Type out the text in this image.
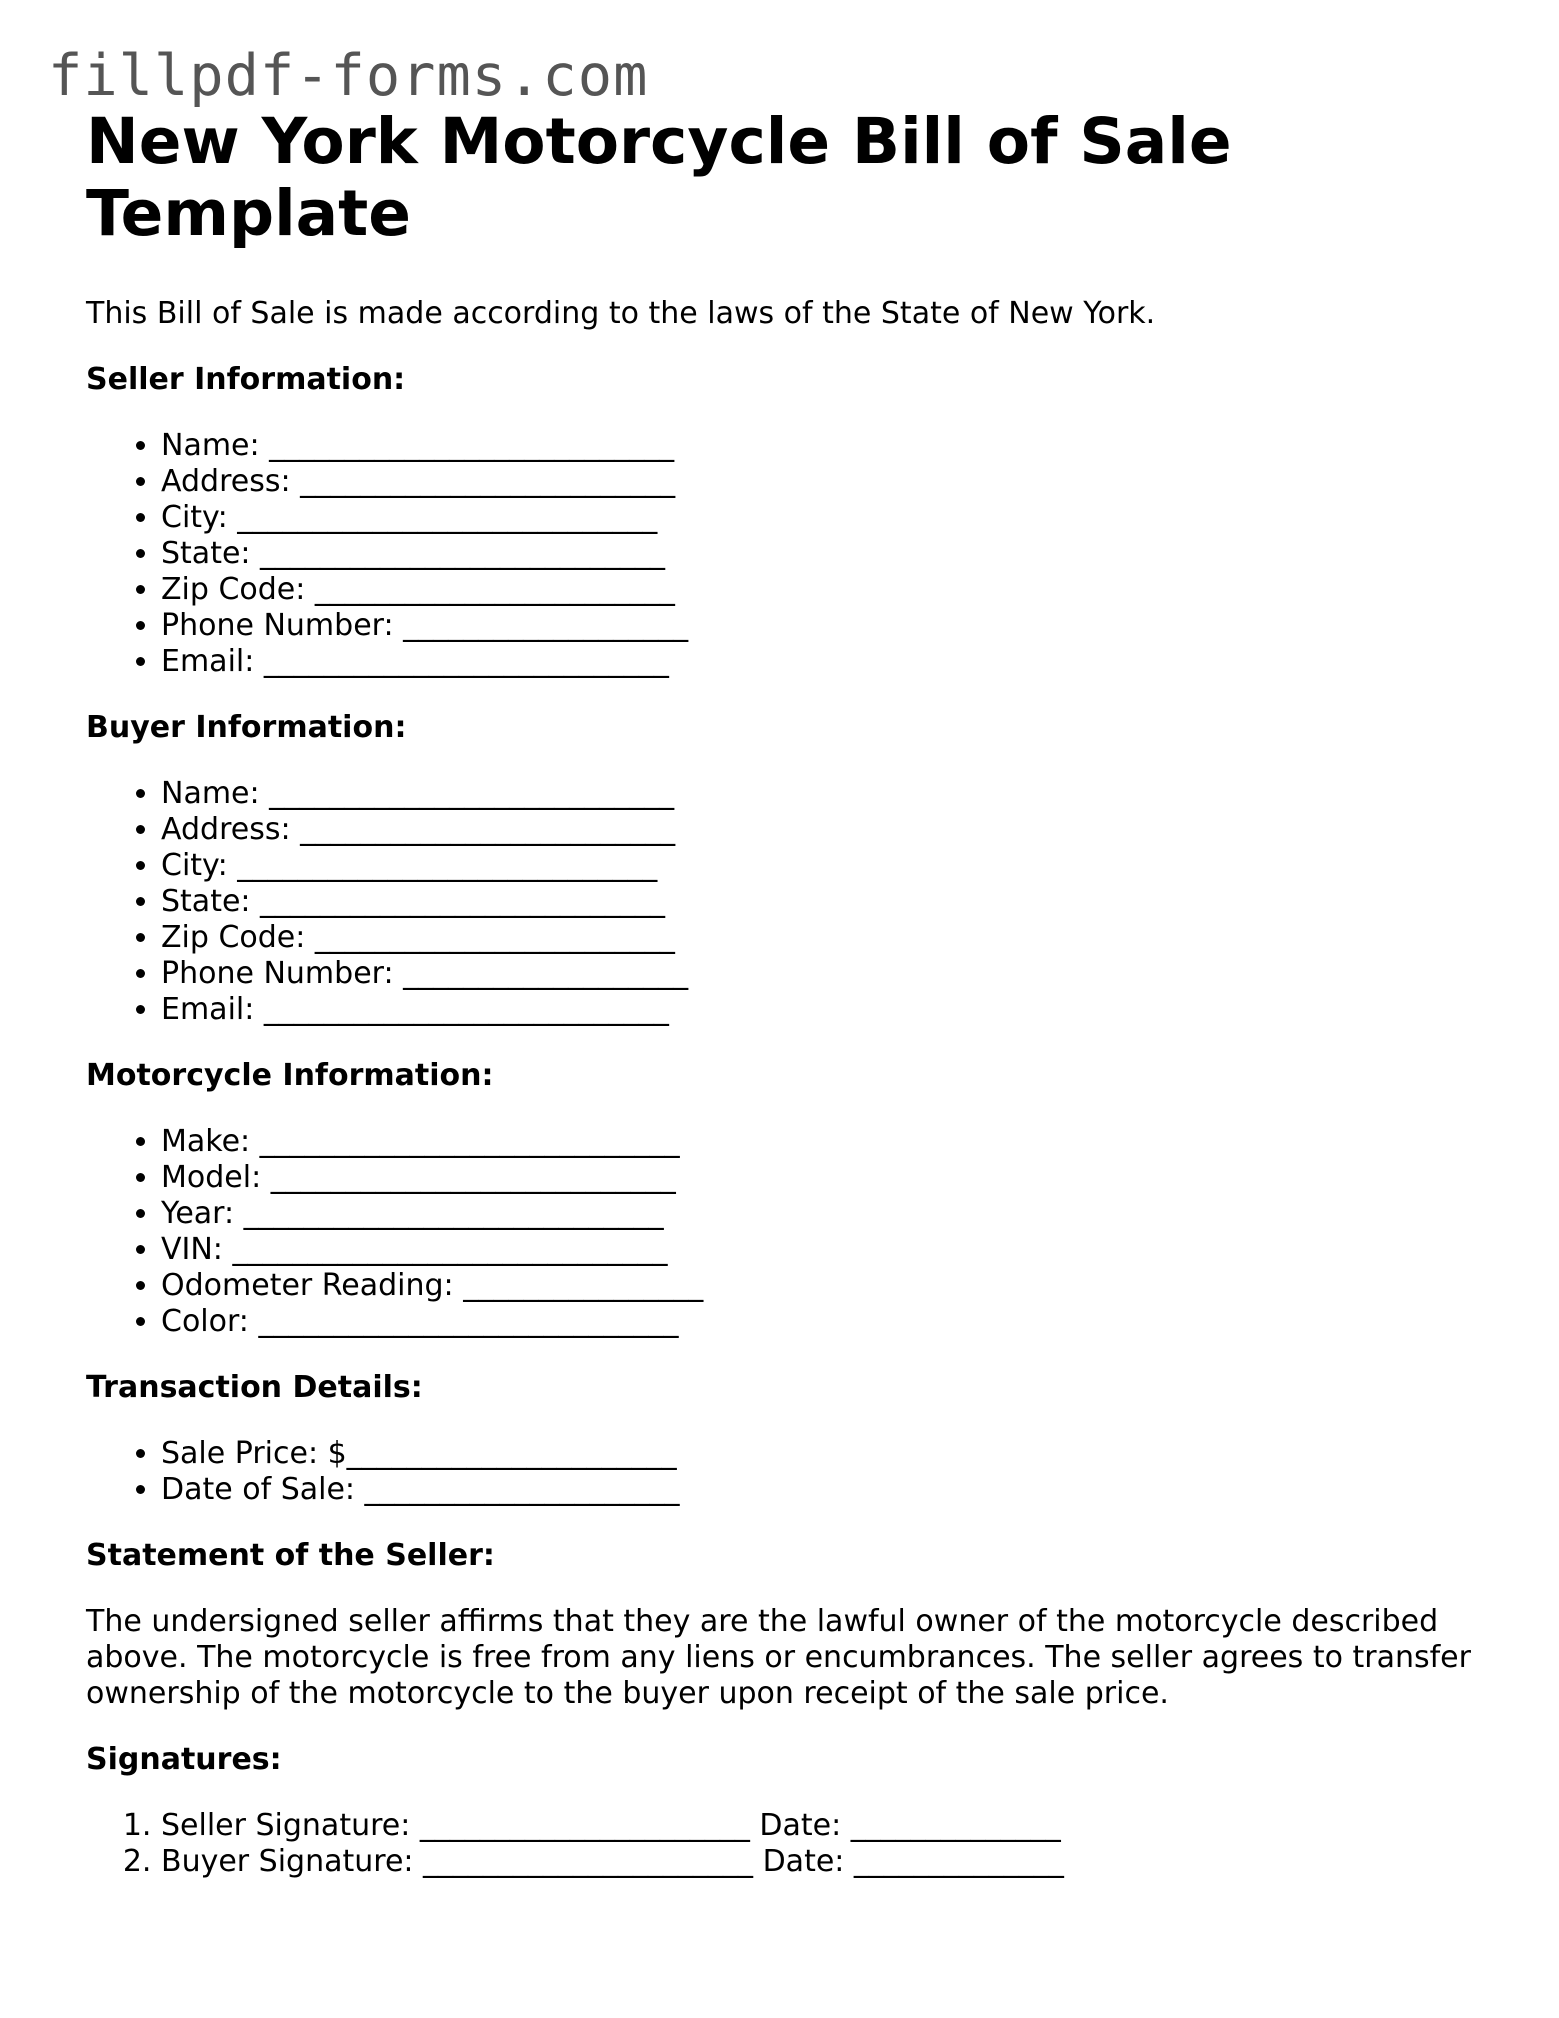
fillpdf-forms.com
New York Motorcycle Bill of Sale Template

This Bill of Sale is made according to the laws of the State of New York.

Seller Information:
• Name: ___________________________
• Address: _________________________
• City: ____________________________
• State: ___________________________
• Zip Code: ________________________
• Phone Number: ___________________
• Email: ___________________________
Buyer Information:
• Name: ___________________________
• Address: _________________________
• City: ____________________________
• State: ___________________________
• Zip Code: ________________________
• Phone Number: ___________________
• Email: ___________________________
Motorcycle Information:
• Make: ____________________________
• Model: ___________________________
• Year: ____________________________
• VIN: _____________________________
• Odometer Reading: ________________
• Color: ____________________________
Transaction Details:
• Sale Price: $______________________
• Date of Sale: _____________________
Statement of the Seller:

The undersigned seller affirms that they are the lawful owner of the motorcycle described above. The motorcycle is free from any liens or encumbrances. The seller agrees to transfer ownership of the motorcycle to the buyer upon receipt of the sale price.

Signatures:
1. Seller Signature: ______________________ Date: ______________
2. Buyer Signature: ______________________ Date: ______________
